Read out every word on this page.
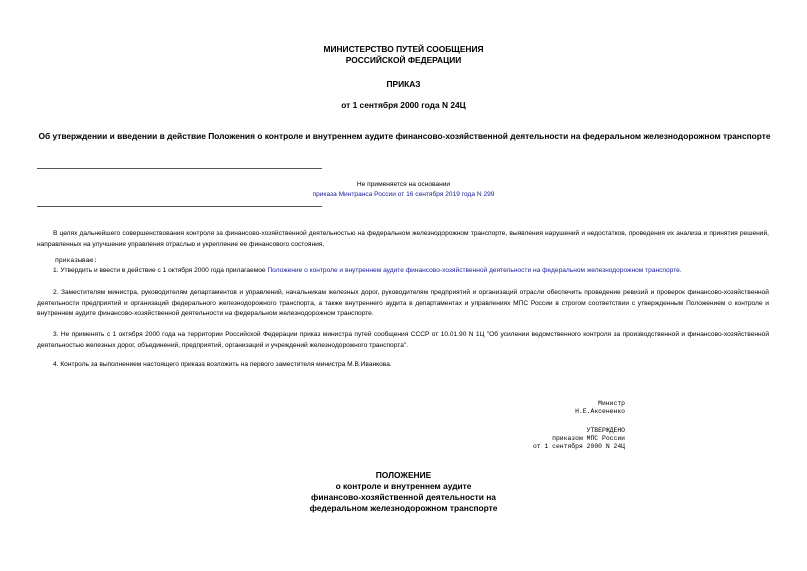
МИНИСТЕРСТВО ПУТЕЙ СООБЩЕНИЯ

РОССИЙСКОЙ ФЕДЕРАЦИИ

ПРИКАЗ

от 1 сентября 2000 года N 24Ц

Об утверждении и введении в действие Положения о контроле и внутреннем аудите финансово-хозяйственной деятельности на федеральном железнодорожном транспорте

Не применяется на основании
приказа Минтранса России от 16 сентября 2019 года N 299

В целях дальнейшего совершенствования контроля за финансово-хозяйственной деятельностью на федеральном железнодорожном транспорте, выявления нарушений и недостатков, проведения их анализа и принятия решений, направленных на улучшение управления отраслью и укрепление ее финансового состояния,

приказываю:

1. Утвердить и ввести в действие с 1 октября 2000 года прилагаемое Положение о контроле и внутреннем аудите финансово-хозяйственной деятельности на федеральном железнодорожном транспорте.

2. Заместителям министра, руководителям департаментов и управлений, начальникам железных дорог, руководителям предприятий и организаций отрасли обеспечить проведение ревизий и проверок финансово-хозяйственной деятельности предприятий и организаций федерального железнодорожного транспорта, а также внутреннего аудита в департаментах и управлениях МПС России в строгом соответствии с утвержденным Положением о контроле и внутреннем аудите финансово-хозяйственной деятельности на федеральном железнодорожном транспорте.

3. Не применять с 1 октября 2000 года на территории Российской Федерации приказ министра путей сообщения СССР от 10.01.90 N 1Ц "Об усилении ведомственного контроля за производственной и финансово-хозяйственной деятельностью железных дорог, объединений, предприятий, организаций и учреждений железнодорожного транспорта".

4. Контроль за выполнением настоящего приказа возложить на первого заместителя министра М.В.Иванкова.

Министр
Н.Е.Аксененко
УТВЕРЖДЕНО
приказом МПС России
от 1 сентября 2000 N 24Ц

ПОЛОЖЕНИЕ

о контроле и внутреннем аудите

финансово-хозяйственной деятельности на

федеральном железнодорожном транспорте
